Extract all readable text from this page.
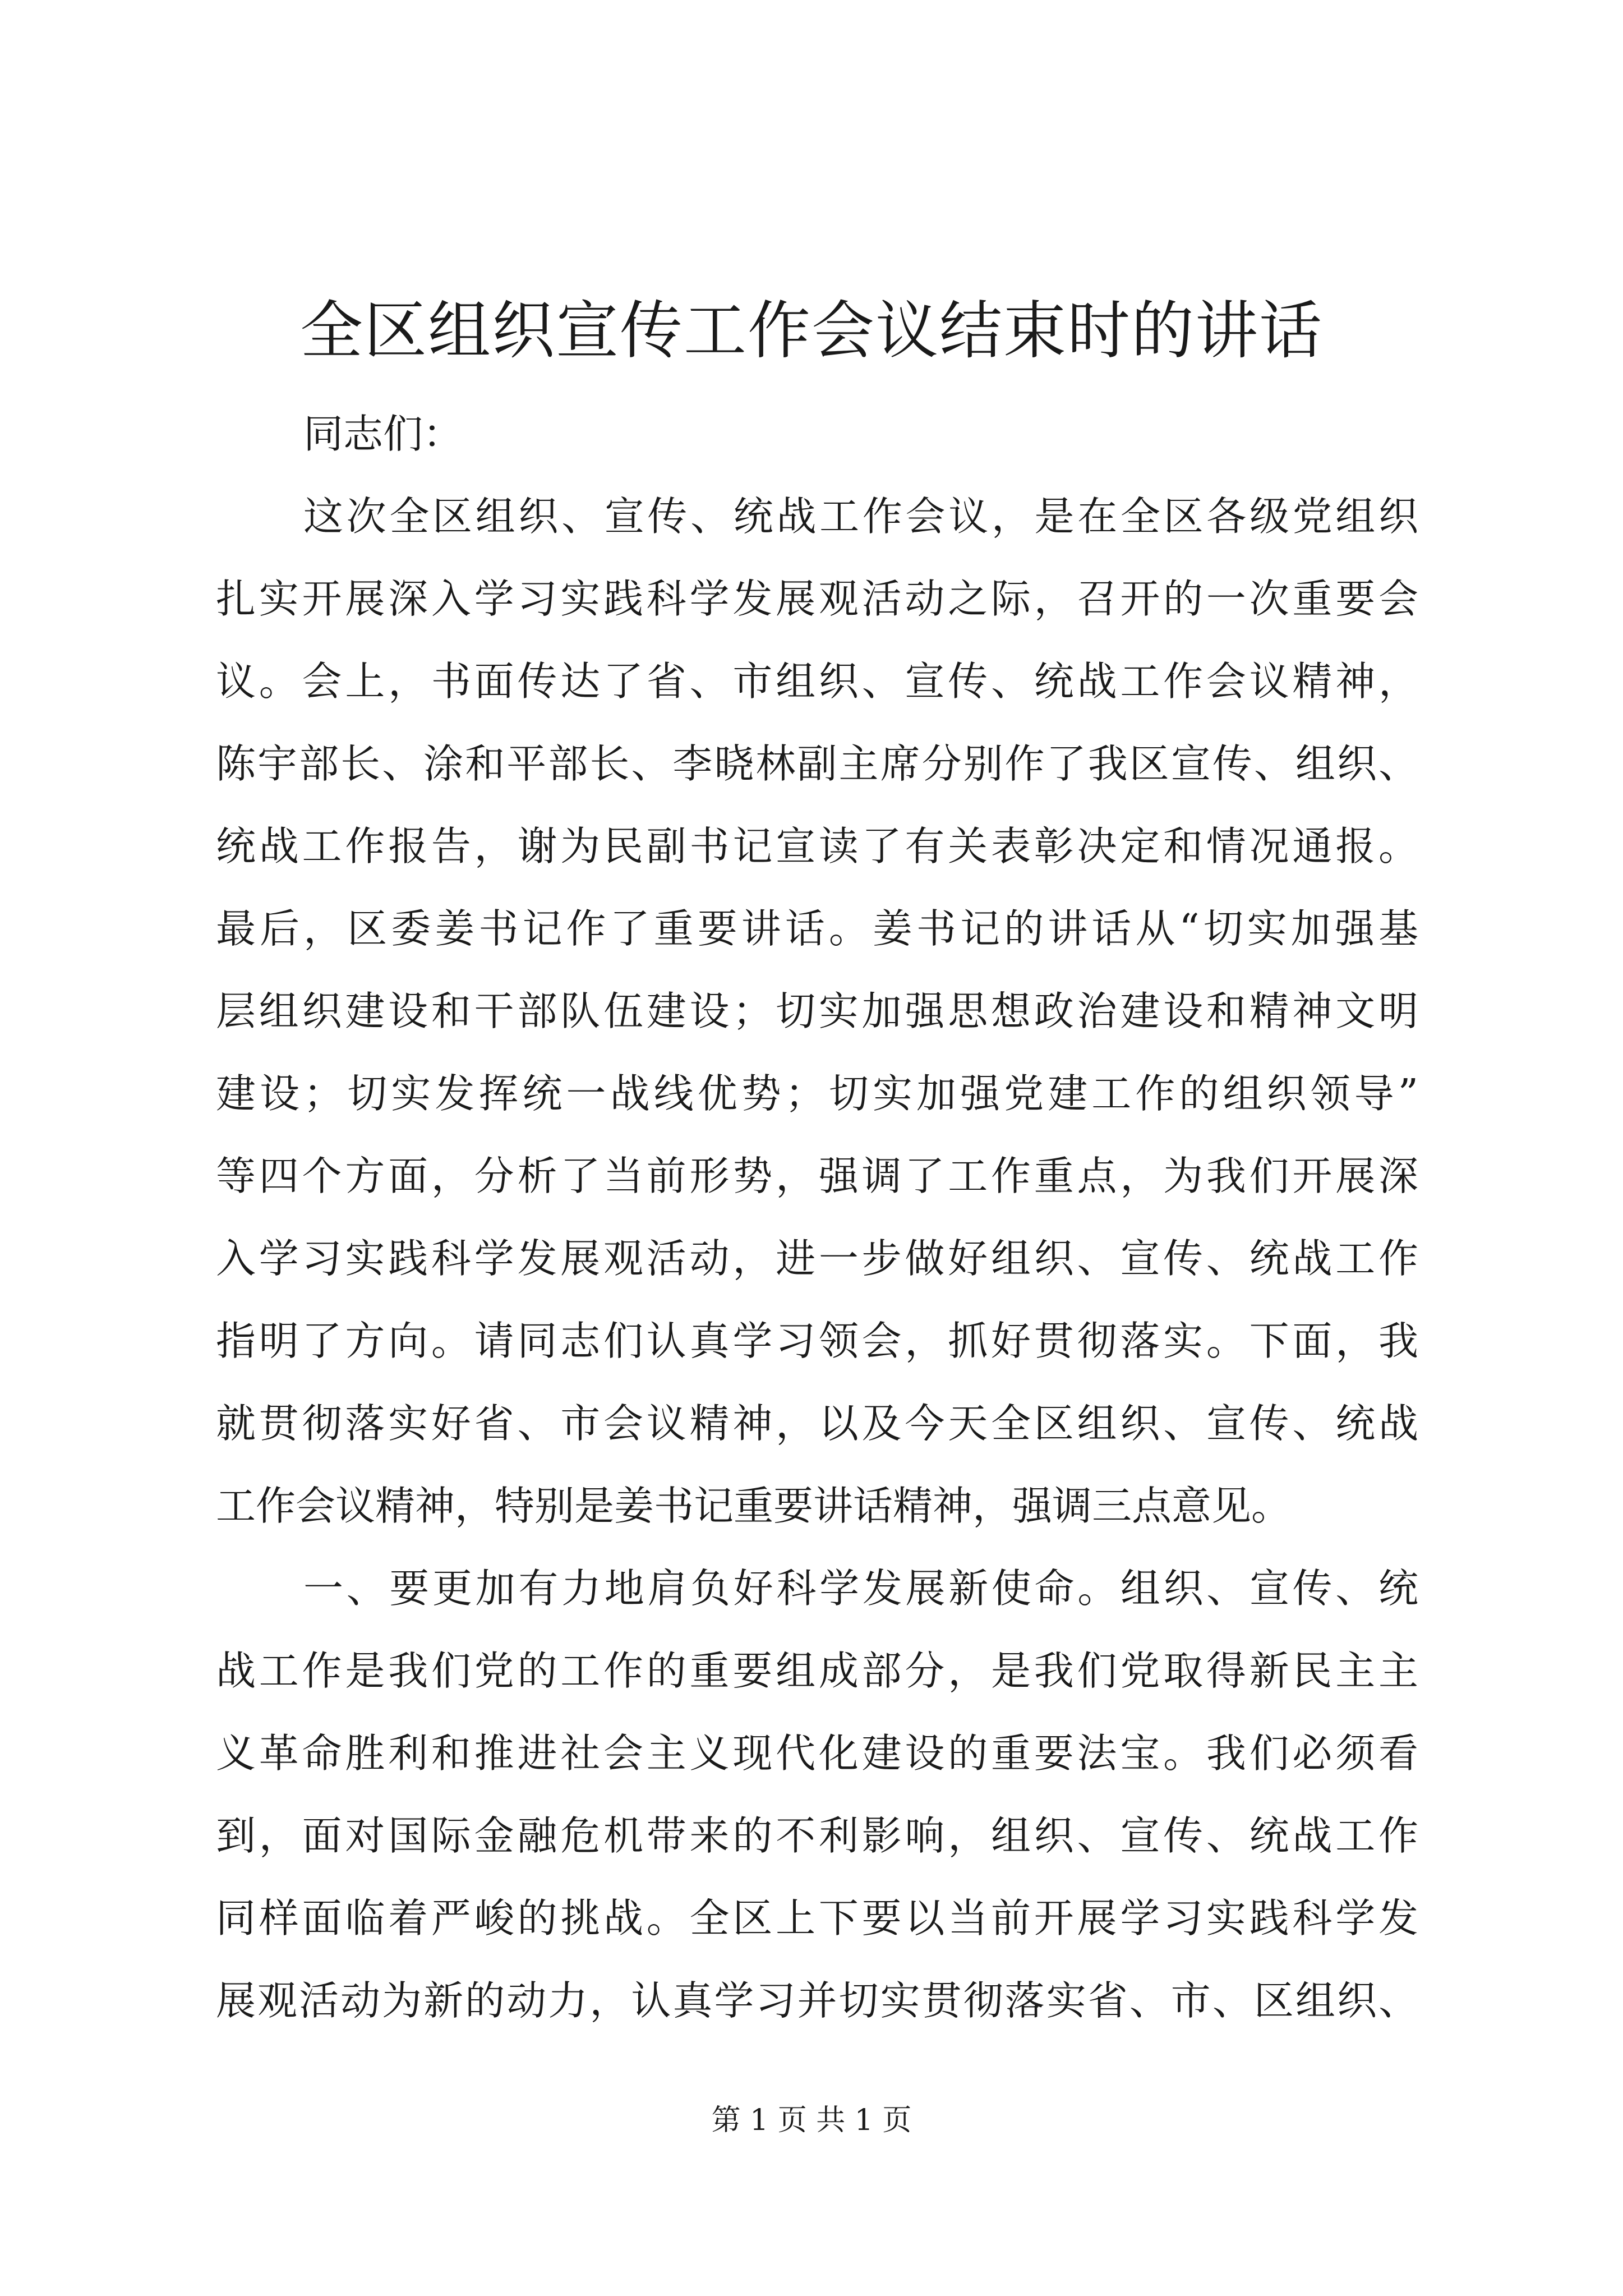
全区组织宣传工作会议结束时的讲话
同志们：
这次全区组织、宣传、统战工作会议，是在全区各级党组织
扎实开展深入学习实践科学发展观活动之际，召开的一次重要会
议。会上，书面传达了省、市组织、宣传、统战工作会议精神，
陈宇部长、涂和平部长、李晓林副主席分别作了我区宣传、组织、
统战工作报告，谢为民副书记宣读了有关表彰决定和情况通报。
最后，区委姜书记作了重要讲话。姜书记的讲话从“切实加强基
层组织建设和干部队伍建设；切实加强思想政治建设和精神文明
建设；切实发挥统一战线优势；切实加强党建工作的组织领导”
等四个方面，分析了当前形势，强调了工作重点，为我们开展深
入学习实践科学发展观活动，进一步做好组织、宣传、统战工作
指明了方向。请同志们认真学习领会，抓好贯彻落实。下面，我
就贯彻落实好省、市会议精神，以及今天全区组织、宣传、统战
工作会议精神，特别是姜书记重要讲话精神，强调三点意见。
一、要更加有力地肩负好科学发展新使命。组织、宣传、统
战工作是我们党的工作的重要组成部分，是我们党取得新民主主
义革命胜利和推进社会主义现代化建设的重要法宝。我们必须看
到，面对国际金融危机带来的不利影响，组织、宣传、统战工作
同样面临着严峻的挑战。全区上下要以当前开展学习实践科学发
展观活动为新的动力，认真学习并切实贯彻落实省、市、区组织、
第 1 页 共 1 页
